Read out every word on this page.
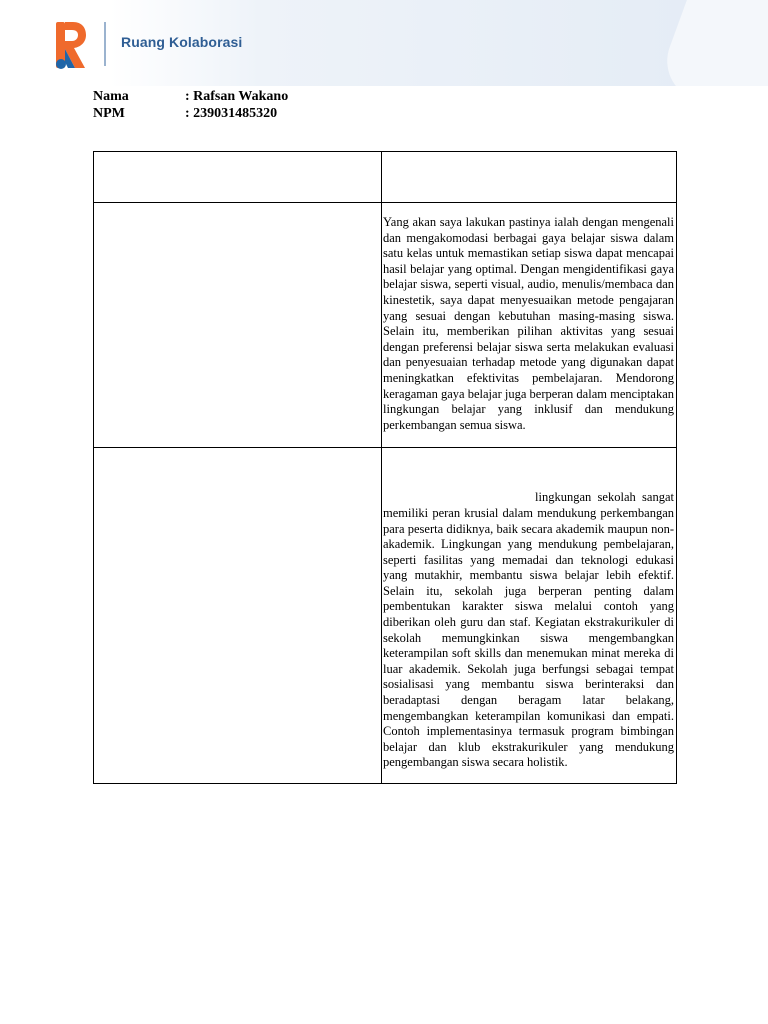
Ruang Kolaborasi
Nama	: Rafsan Wakano
NPM	: 239031485320

	Yang akan saya lakukan pastinya ialah dengan mengenali dan mengakomodasi berbagai gaya belajar siswa dalam satu kelas untuk memastikan setiap siswa dapat mencapai hasil belajar yang optimal. Dengan mengidentifikasi gaya belajar siswa, seperti visual, audio, menulis/membaca dan kinestetik, saya dapat menyesuaikan metode pengajaran yang sesuai dengan kebutuhan masing-masing siswa. Selain itu, memberikan pilihan aktivitas yang sesuai dengan preferensi belajar siswa serta melakukan evaluasi dan penyesuaian terhadap metode yang digunakan dapat meningkatkan efektivitas pembelajaran. Mendorong keragaman gaya belajar juga berperan dalam menciptakan lingkungan belajar yang inklusif dan mendukung perkembangan semua siswa.

	lingkungan sekolah sangat memiliki peran krusial dalam mendukung perkembangan para peserta didiknya, baik secara akademik maupun non-akademik. Lingkungan yang mendukung pembelajaran, seperti fasilitas yang memadai dan teknologi edukasi yang mutakhir, membantu siswa belajar lebih efektif. Selain itu, sekolah juga berperan penting dalam pembentukan karakter siswa melalui contoh yang diberikan oleh guru dan staf. Kegiatan ekstrakurikuler di sekolah memungkinkan siswa mengembangkan keterampilan soft skills dan menemukan minat mereka di luar akademik. Sekolah juga berfungsi sebagai tempat sosialisasi yang membantu siswa berinteraksi dan beradaptasi dengan beragam latar belakang, mengembangkan keterampilan komunikasi dan empati. Contoh implementasinya termasuk program bimbingan belajar dan klub ekstrakurikuler yang mendukung pengembangan siswa secara holistik.
